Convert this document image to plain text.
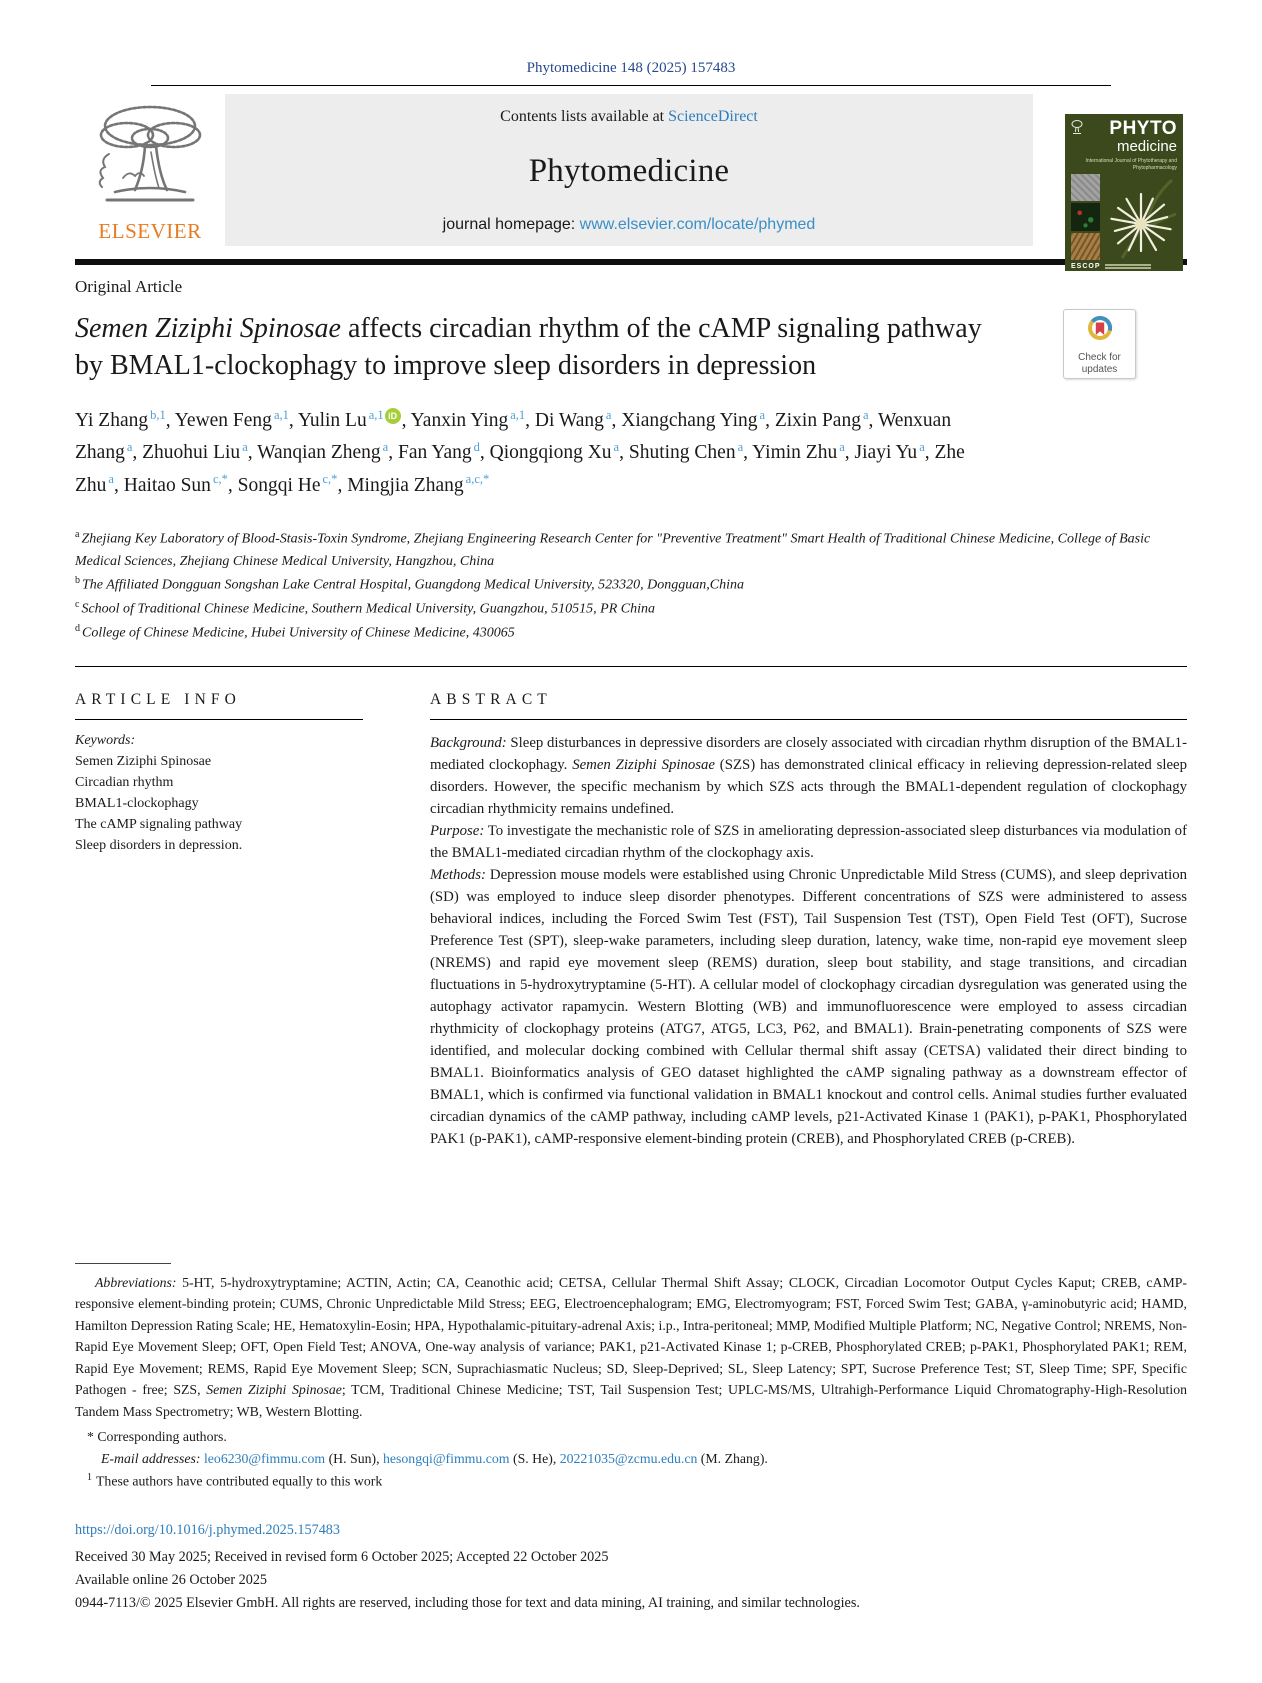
Phytomedicine 148 (2025) 157483
ELSEVIER
Contents lists available at ScienceDirect
Phytomedicine
journal homepage: www.elsevier.com/locate/phymed
Original Article
Semen Ziziphi Spinosae affects circadian rhythm of the cAMP signaling pathway by BMAL1-clockophagy to improve sleep disorders in depression
Yi Zhang $^{b,1}$, Yewen Feng $^{a,1}$, Yulin Lu $^{a,1}$ iD , Yanxin Ying $^{a,1}$, Di Wang $^a$, Xiangchang Ying $^a$, Zixin Pang $^a$, Wenxuan Zhang $^a$, Zhuohui Liu $^a$, Wanqian Zheng $^a$, Fan Yang $^d$, Qiongqiong Xu $^a$, Shuting Chen $^a$, Yimin Zhu $^a$, Jiayi Yu $^a$, Zhe Zhu $^a$, Haitao Sun $^{c,*}$, Songqi He $^{c,*}$, Mingjia Zhang $^{a,c,*}$
$^a$ Zhejiang Key Laboratory of Blood-Stasis-Toxin Syndrome, Zhejiang Engineering Research Center for "Preventive Treatment" Smart Health of Traditional Chinese Medicine, College of Basic Medical Sciences, Zhejiang Chinese Medical University, Hangzhou, China
$^b$ The Affiliated Dongguan Songshan Lake Central Hospital, Guangdong Medical University, 523320, Dongguan,China
$^c$ School of Traditional Chinese Medicine, Southern Medical University, Guangzhou, 510515, PR China
$^d$ College of Chinese Medicine, Hubei University of Chinese Medicine, 430065
ARTICLE INFO
Keywords:
Semen Ziziphi Spinosae
Circadian rhythm
BMAL1-clockophagy
The cAMP signaling pathway
Sleep disorders in depression.
ABSTRACT

Background: Sleep disturbances in depressive disorders are closely associated with circadian rhythm disruption of the BMAL1-mediated clockophagy. Semen Ziziphi Spinosae (SZS) has demonstrated clinical efficacy in relieving depression-related sleep disorders. However, the specific mechanism by which SZS acts through the BMAL1-dependent regulation of clockophagy circadian rhythmicity remains undefined.

Purpose: To investigate the mechanistic role of SZS in ameliorating depression-associated sleep disturbances via modulation of the BMAL1-mediated circadian rhythm of the clockophagy axis.

Methods: Depression mouse models were established using Chronic Unpredictable Mild Stress (CUMS), and sleep deprivation (SD) was employed to induce sleep disorder phenotypes. Different concentrations of SZS were administered to assess behavioral indices, including the Forced Swim Test (FST), Tail Suspension Test (TST), Open Field Test (OFT), Sucrose Preference Test (SPT), sleep-wake parameters, including sleep duration, latency, wake time, non-rapid eye movement sleep (NREMS) and rapid eye movement sleep (REMS) duration, sleep bout stability, and stage transitions, and circadian fluctuations in 5-hydroxytryptamine (5-HT). A cellular model of clockophagy circadian dysregulation was generated using the autophagy activator rapamycin. Western Blotting (WB) and immunofluorescence were employed to assess circadian rhythmicity of clockophagy proteins (ATG7, ATG5, LC3, P62, and BMAL1). Brain-penetrating components of SZS were identified, and molecular docking combined with Cellular thermal shift assay (CETSA) validated their direct binding to BMAL1. Bioinformatics analysis of GEO dataset highlighted the cAMP signaling pathway as a downstream effector of BMAL1, which is confirmed via functional validation in BMAL1 knockout and control cells. Animal studies further evaluated circadian dynamics of the cAMP pathway, including cAMP levels, p21-Activated Kinase 1 (PAK1), p-PAK1, Phosphorylated PAK1 (p-PAK1), cAMP-responsive element-binding protein (CREB), and Phosphorylated CREB (p-CREB).

Abbreviations: 5-HT, 5-hydroxytryptamine; ACTIN, Actin; CA, Ceanothic acid; CETSA, Cellular Thermal Shift Assay; CLOCK, Circadian Locomotor Output Cycles Kaput; CREB, cAMP-responsive element-binding protein; CUMS, Chronic Unpredictable Mild Stress; EEG, Electroencephalogram; EMG, Electromyogram; FST, Forced Swim Test; GABA, γ-aminobutyric acid; HAMD, Hamilton Depression Rating Scale; HE, Hematoxylin-Eosin; HPA, Hypothalamic-pituitary-adrenal Axis; i.p., Intra-peritoneal; MMP, Modified Multiple Platform; NC, Negative Control; NREMS, Non-Rapid Eye Movement Sleep; OFT, Open Field Test; ANOVA, One-way analysis of variance; PAK1, p21-Activated Kinase 1; p-CREB, Phosphorylated CREB; p-PAK1, Phosphorylated PAK1; REM, Rapid Eye Movement; REMS, Rapid Eye Movement Sleep; SCN, Suprachiasmatic Nucleus; SD, Sleep-Deprived; SL, Sleep Latency; SPT, Sucrose Preference Test; ST, Sleep Time; SPF, Specific Pathogen - free; SZS, Semen Ziziphi Spinosae; TCM, Traditional Chinese Medicine; TST, Tail Suspension Test; UPLC-MS/MS, Ultrahigh-Performance Liquid Chromatography-High-Resolution Tandem Mass Spectrometry; WB, Western Blotting.

* Corresponding authors.
E-mail addresses: leo6230@fimmu.com (H. Sun), hesongqi@fimmu.com (S. He), 20221035@zcmu.edu.cn (M. Zhang).
$^1$ These authors have contributed equally to this work
https://doi.org/10.1016/j.phymed.2025.157483
Received 30 May 2025; Received in revised form 6 October 2025; Accepted 22 October 2025
Available online 26 October 2025
0944-7113/© 2025 Elsevier GmbH. All rights are reserved, including those for text and data mining, AI training, and similar technologies.
PHYTO
medicine
International Journal of Phytotherapy and Phytopharmacology
ESCOP
Check for
updates
